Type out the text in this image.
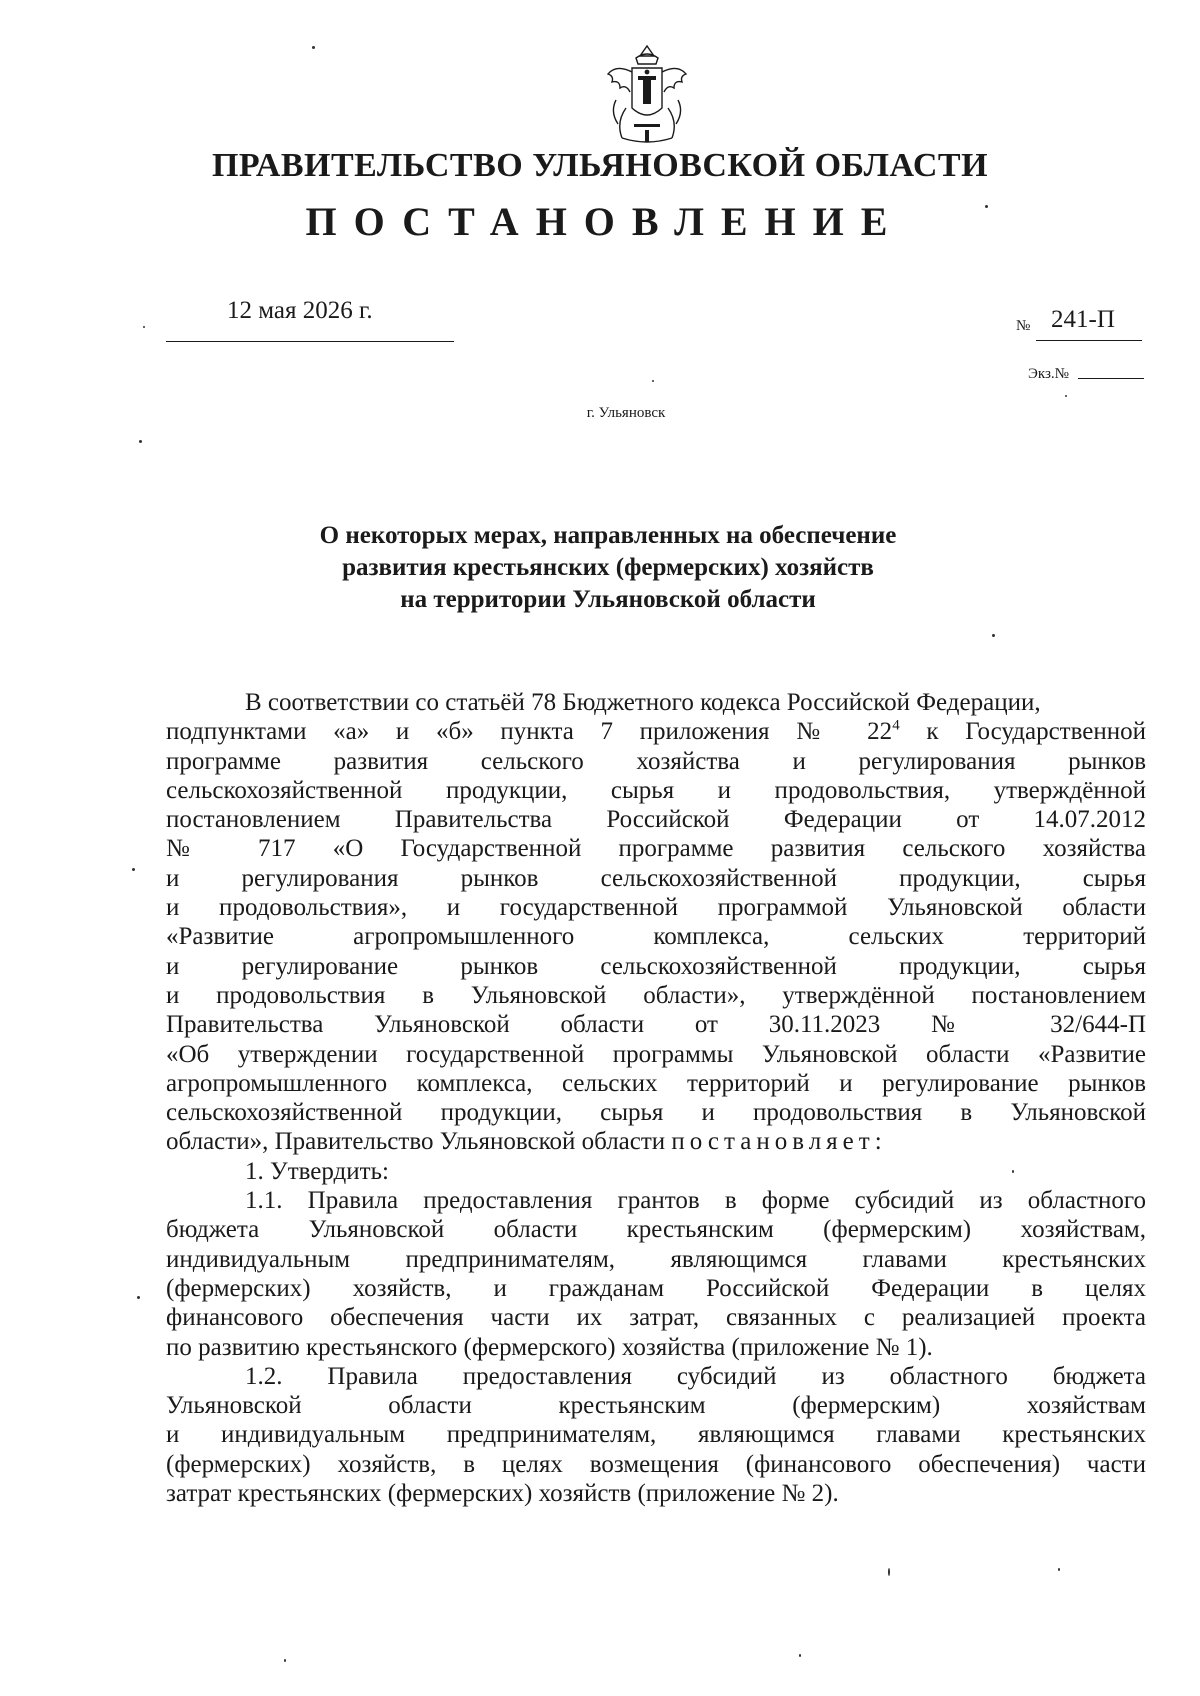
ПРАВИТЕЛЬСТВО УЛЬЯНОВСКОЙ ОБЛАСТИ
ПОСТАНОВЛЕНИЕ
12 мая 2026 г.
№ 241-П
Экз.№
г. Ульяновск
О некоторых мерах, направленных на обеспечение
развития крестьянских (фермерских) хозяйств
на территории Ульяновской области
В соответствии со статьёй 78 Бюджетного кодекса Российской Федерации,
подпунктами «а» и «б» пункта 7 приложения № $22^4$ к Государственной
программе развития сельского хозяйства и регулирования рынков
сельскохозяйственной продукции, сырья и продовольствия, утверждённой
постановлением Правительства Российской Федерации от 14.07.2012
№ 717 «О Государственной программе развития сельского хозяйства
и регулирования рынков сельскохозяйственной продукции, сырья
и продовольствия», и государственной программой Ульяновской области
«Развитие агропромышленного комплекса, сельских территорий
и регулирование рынков сельскохозяйственной продукции, сырья
и продовольствия в Ульяновской области», утверждённой постановлением
Правительства Ульяновской области от 30.11.2023 № 32/644-П
«Об утверждении государственной программы Ульяновской области «Развитие
агропромышленного комплекса, сельских территорий и регулирование рынков
сельскохозяйственной продукции, сырья и продовольствия в Ульяновской
области», Правительство Ульяновской области постановляет:
1. Утвердить:
1.1. Правила предоставления грантов в форме субсидий из областного
бюджета Ульяновской области крестьянским (фермерским) хозяйствам,
индивидуальным предпринимателям, являющимся главами крестьянских
(фермерских) хозяйств, и гражданам Российской Федерации в целях
финансового обеспечения части их затрат, связанных с реализацией проекта
по развитию крестьянского (фермерского) хозяйства (приложение № 1).
1.2. Правила предоставления субсидий из областного бюджета
Ульяновской области крестьянским (фермерским) хозяйствам
и индивидуальным предпринимателям, являющимся главами крестьянских
(фермерских) хозяйств, в целях возмещения (финансового обеспечения) части
затрат крестьянских (фермерских) хозяйств (приложение № 2).
